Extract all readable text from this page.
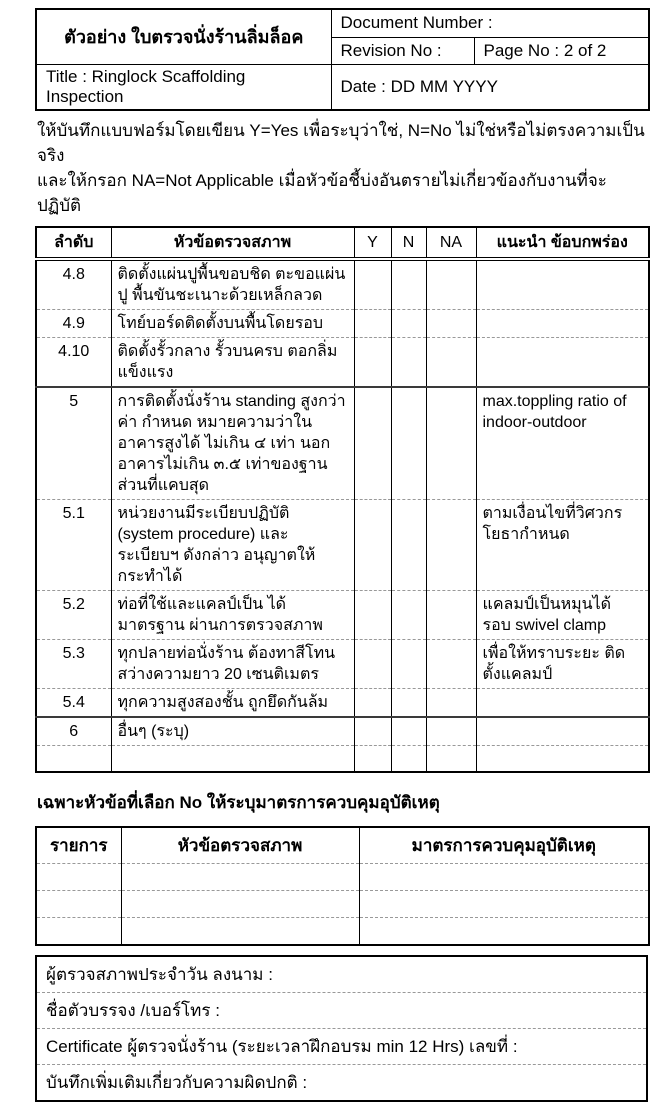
ตัวอย่าง ใบตรวจนั่งร้านลิ่มล็อค	Document Number :	
	Revision No :	Page No : 2 of 2
Title : Ringlock Scaffolding Inspection	Date : DD MM YYYY	
ให้บันทึกแบบฟอร์มโดยเขียน Y=Yes เพื่อระบุว่าใช่, N=No ไม่ใช่หรือไม่ตรงความเป็นจริง
และให้กรอก NA=Not Applicable เมื่อหัวข้อชี้บ่งอันตรายไม่เกี่ยวข้องกับงานที่จะปฏิบัติ
ลำดับ	หัวข้อตรวจสภาพ	Y	N	NA	แนะนำ ข้อบกพร่อง
4.8	ติดตั้งแผ่นปูพื้นขอบชิด ตะขอแผ่นปู พื้นขันชะเนาะด้วยเหล็กลวด				
4.9	โทย์บอร์ดติดตั้งบนพื้นโดยรอบ				
4.10	ติดตั้งรั้วกลาง รั้วบนครบ ตอกลิ่ม แข็งแรง				
5	การติดตั้งนั่งร้าน standing สูงกว่าค่า กำหนด หมายความว่าในอาคารสูงได้ ไม่เกิน ๔ เท่า นอกอาคารไม่เกิน ๓.๕ เท่าของฐานส่วนที่แคบสุด				max.toppling ratio of indoor-outdoor
5.1	หน่วยงานมีระเบียบปฏิบัติ (system procedure) และระเบียบฯ ดังกล่าว อนุญาตให้กระทำได้				ตามเงื่อนไขที่วิศวกร โยธากำหนด
5.2	ท่อที่ใช้และแคลป์เป็น ได้มาตรฐาน ผ่านการตรวจสภาพ				แคลมป์เป็นหมุนได้ รอบ swivel clamp
5.3	ทุกปลายท่อนั่งร้าน ต้องทาสีโทน สว่างความยาว 20 เซนติเมตร				เพื่อให้ทราบระยะ ติดตั้งแคลมป์
5.4	ทุกความสูงสองชั้น ถูกยึดกันล้ม				
6	อื่นๆ (ระบุ)				

เฉพาะหัวข้อที่เลือก No ให้ระบุมาตรการควบคุมอุบัติเหตุ
รายการ	หัวข้อตรวจสภาพ	มาตรการควบคุมอุบัติเหตุ

ผู้ตรวจสภาพประจำวัน ลงนาม :
ชื่อตัวบรรจง /เบอร์โทร :
Certificate ผู้ตรวจนั่งร้าน (ระยะเวลาฝึกอบรม min 12 Hrs) เลขที่ :
บันทึกเพิ่มเติมเกี่ยวกับความผิดปกติ :
